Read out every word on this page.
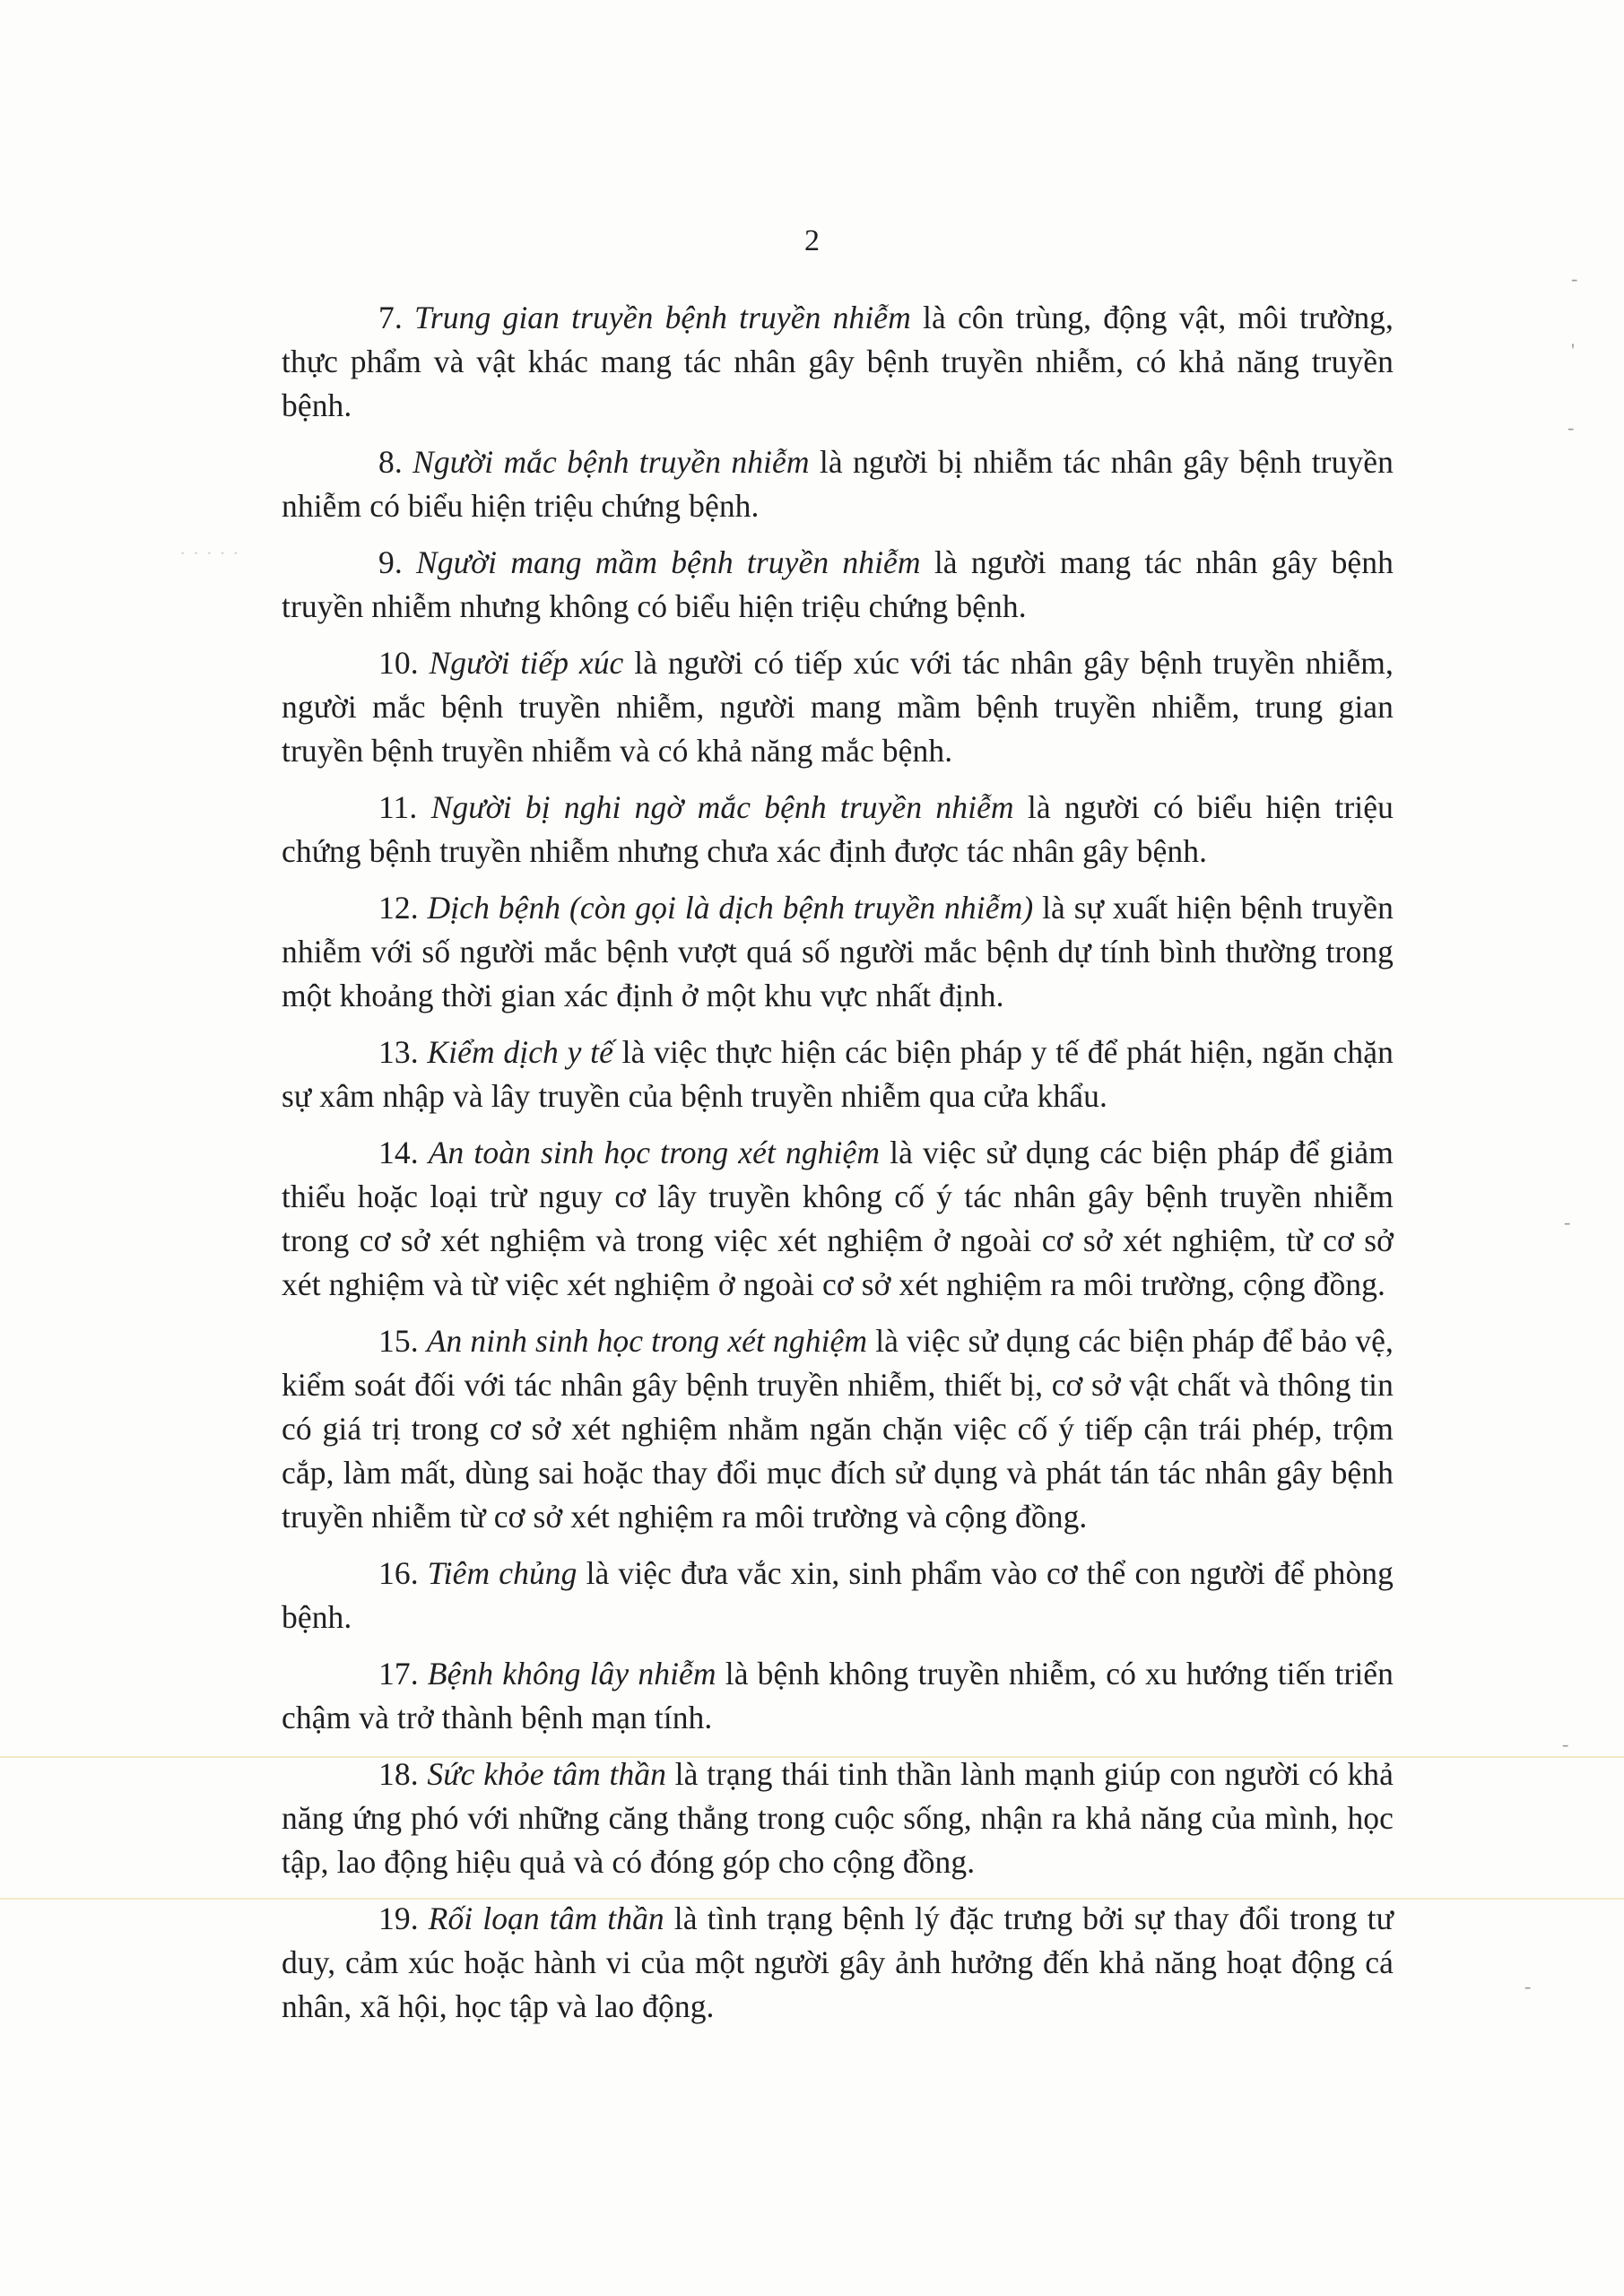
2
· · · · ·
-
'
-
-
-
-

7. Trung gian truyền bệnh truyền nhiễm là côn trùng, động vật, môi trường, thực phẩm và vật khác mang tác nhân gây bệnh truyền nhiễm, có khả năng truyền bệnh.

8. Người mắc bệnh truyền nhiễm là người bị nhiễm tác nhân gây bệnh truyền nhiễm có biểu hiện triệu chứng bệnh.

9. Người mang mầm bệnh truyền nhiễm là người mang tác nhân gây bệnh truyền nhiễm nhưng không có biểu hiện triệu chứng bệnh.

10. Người tiếp xúc là người có tiếp xúc với tác nhân gây bệnh truyền nhiễm, người mắc bệnh truyền nhiễm, người mang mầm bệnh truyền nhiễm, trung gian truyền bệnh truyền nhiễm và có khả năng mắc bệnh.

11. Người bị nghi ngờ mắc bệnh truyền nhiễm là người có biểu hiện triệu chứng bệnh truyền nhiễm nhưng chưa xác định được tác nhân gây bệnh.

12. Dịch bệnh (còn gọi là dịch bệnh truyền nhiễm) là sự xuất hiện bệnh truyền nhiễm với số người mắc bệnh vượt quá số người mắc bệnh dự tính bình thường trong một khoảng thời gian xác định ở một khu vực nhất định.

13. Kiểm dịch y tế là việc thực hiện các biện pháp y tế để phát hiện, ngăn chặn sự xâm nhập và lây truyền của bệnh truyền nhiễm qua cửa khẩu.

14. An toàn sinh học trong xét nghiệm là việc sử dụng các biện pháp để giảm thiểu hoặc loại trừ nguy cơ lây truyền không cố ý tác nhân gây bệnh truyền nhiễm trong cơ sở xét nghiệm và trong việc xét nghiệm ở ngoài cơ sở xét nghiệm, từ cơ sở xét nghiệm và từ việc xét nghiệm ở ngoài cơ sở xét nghiệm ra môi trường, cộng đồng.

15. An ninh sinh học trong xét nghiệm là việc sử dụng các biện pháp để bảo vệ, kiểm soát đối với tác nhân gây bệnh truyền nhiễm, thiết bị, cơ sở vật chất và thông tin có giá trị trong cơ sở xét nghiệm nhằm ngăn chặn việc cố ý tiếp cận trái phép, trộm cắp, làm mất, dùng sai hoặc thay đổi mục đích sử dụng và phát tán tác nhân gây bệnh truyền nhiễm từ cơ sở xét nghiệm ra môi trường và cộng đồng.

16. Tiêm chủng là việc đưa vắc xin, sinh phẩm vào cơ thể con người để phòng bệnh.

17. Bệnh không lây nhiễm là bệnh không truyền nhiễm, có xu hướng tiến triển chậm và trở thành bệnh mạn tính.

18. Sức khỏe tâm thần là trạng thái tinh thần lành mạnh giúp con người có khả năng ứng phó với những căng thẳng trong cuộc sống, nhận ra khả năng của mình, học tập, lao động hiệu quả và có đóng góp cho cộng đồng.

19. Rối loạn tâm thần là tình trạng bệnh lý đặc trưng bởi sự thay đổi trong tư duy, cảm xúc hoặc hành vi của một người gây ảnh hưởng đến khả năng hoạt động cá nhân, xã hội, học tập và lao động.
